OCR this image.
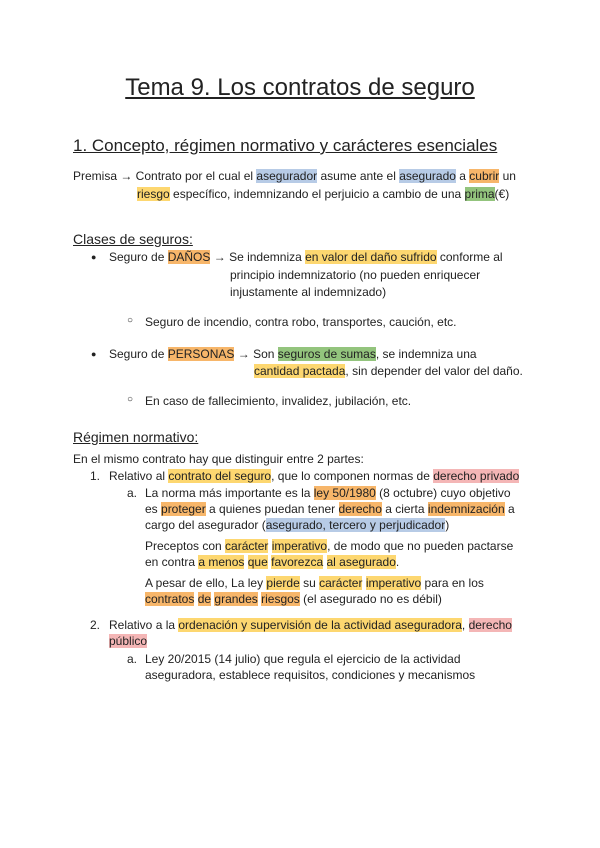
Tema 9. Los contratos de seguro
1. Concepto, régimen normativo y carácteres esenciales
Premisa → Contrato por el cual el asegurador asume ante el asegurado a cubrir un
riesgo específico, indemnizando el perjuicio a cambio de una prima(€)
Clases de seguros:
● Seguro de DAÑOS → Se indemniza en valor del daño sufrido conforme al
principio indemnizatorio (no pueden enriquecer
injustamente al indemnizado)
○ Seguro de incendio, contra robo, transportes, caución, etc.
● Seguro de PERSONAS → Son seguros de sumas, se indemniza una
cantidad pactada, sin depender del valor del daño.
○ En caso de fallecimiento, invalidez, jubilación, etc.
Régimen normativo:
En el mismo contrato hay que distinguir entre 2 partes:
1. Relativo al contrato del seguro, que lo componen normas de derecho privado
a. La norma más importante es la ley 50/1980 (8 octubre) cuyo objetivo
es proteger a quienes puedan tener derecho a cierta indemnización a
cargo del asegurador (asegurado, tercero y perjudicador)
Preceptos con carácter imperativo, de modo que no pueden pactarse
en contra a menos que favorezca al asegurado.
A pesar de ello, La ley pierde su carácter imperativo para en los
contratos de grandes riesgos (el asegurado no es débil)
2. Relativo a la ordenación y supervisión de la actividad aseguradora, derecho
público
a. Ley 20/2015 (14 julio) que regula el ejercicio de la actividad
aseguradora, establece requisitos, condiciones y mecanismos
